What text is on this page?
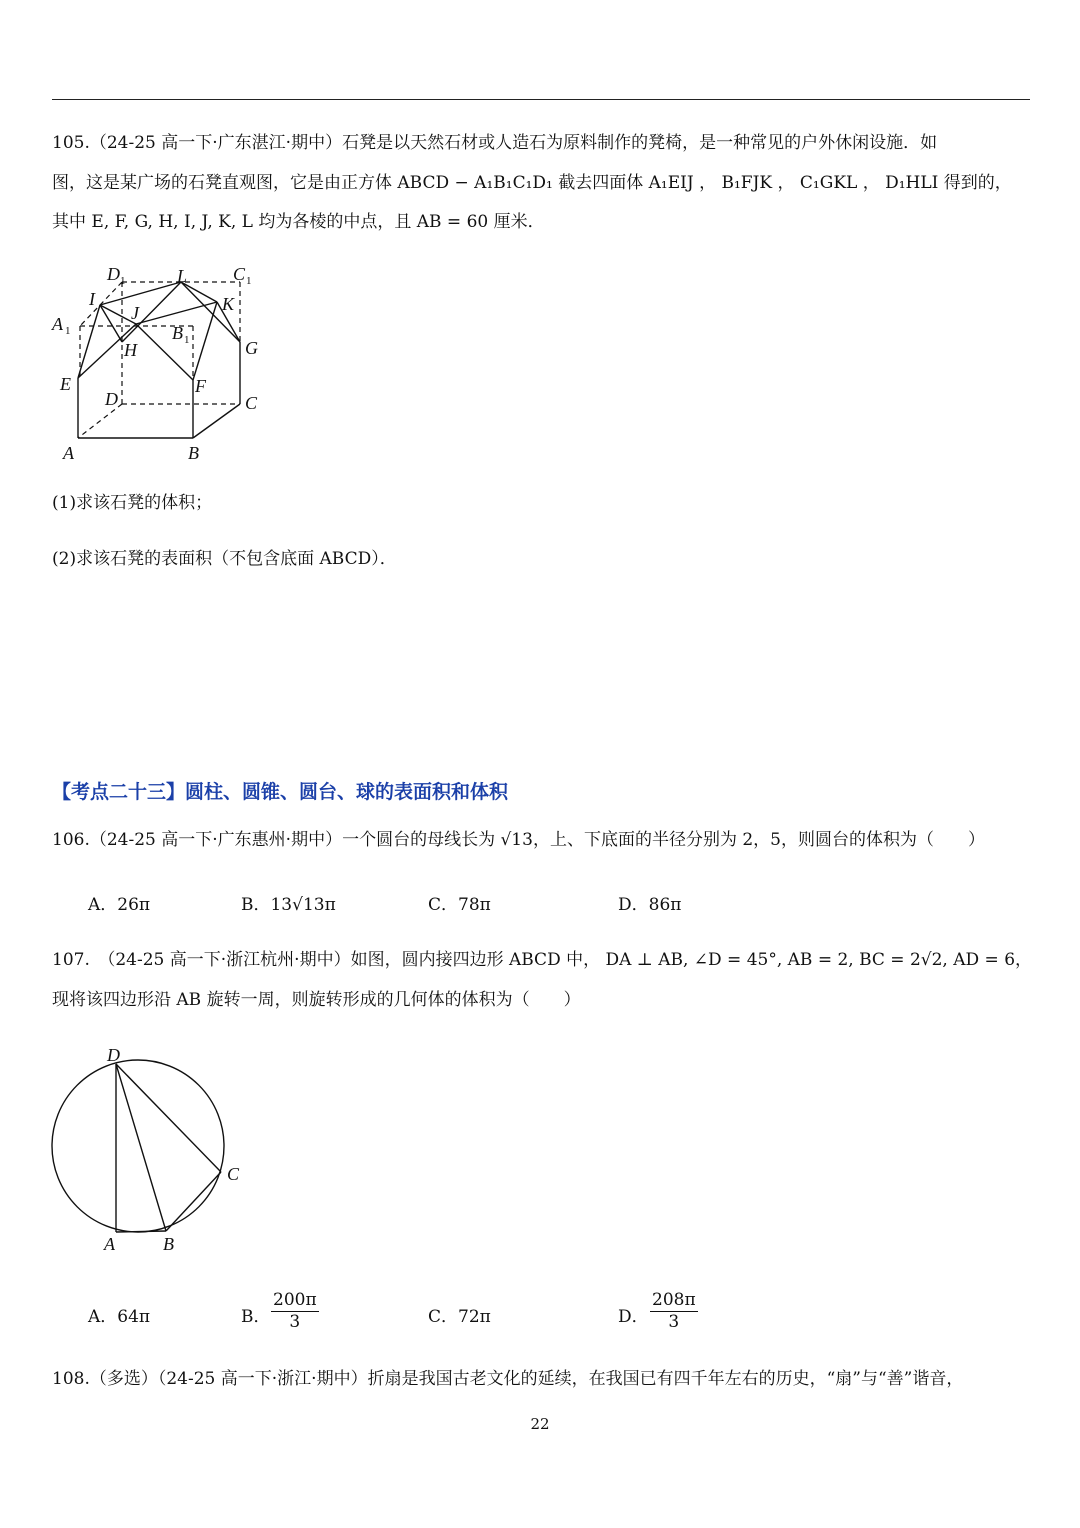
105.（24-25 高一下·广东湛江·期中）石凳是以天然石材或人造石为原料制作的凳椅，是一种常见的户外休闲设施．如
图，这是某广场的石凳直观图，它是由正方体 ABCD − A₁B₁C₁D₁ 截去四面体 A₁EIJ ， B₁FJK ， C₁GKL ， D₁HLI 得到的，
其中 E, F, G, H, I, J, K, L 均为各棱的中点，且 AB = 60 厘米．
D 1	L	C 1
I	K
A 1
J
B 1
H	G
E	F
D	C
A	B
(1)求该石凳的体积；
(2)求该石凳的表面积（不包含底面 ABCD）．
【考点二十三】圆柱、圆锥、圆台、球的表面积和体积
106.（24-25 高一下·广东惠州·期中）一个圆台的母线长为 √13，上、下底面的半径分别为 2，5，则圆台的体积为（　　）
A．26π	B．13√13π	C．78π	D．86π
107.　（24-25 高一下·浙江杭州·期中）如图，圆内接四边形 ABCD 中， DA ⊥ AB, ∠D = 45°, AB = 2, BC = 2√2, AD = 6，
现将该四边形沿 AB 旋转一周，则旋转形成的几何体的体积为（　　）
D
C
A	B
A．64π	B． $\frac{200\pi}{3}$	C．72π	D． $\frac{208\pi}{3}$
108.（多选）（24-25 高一下·浙江·期中）折扇是我国古老文化的延续，在我国已有四千年左右的历史，“扇”与“善”谐音，
22
